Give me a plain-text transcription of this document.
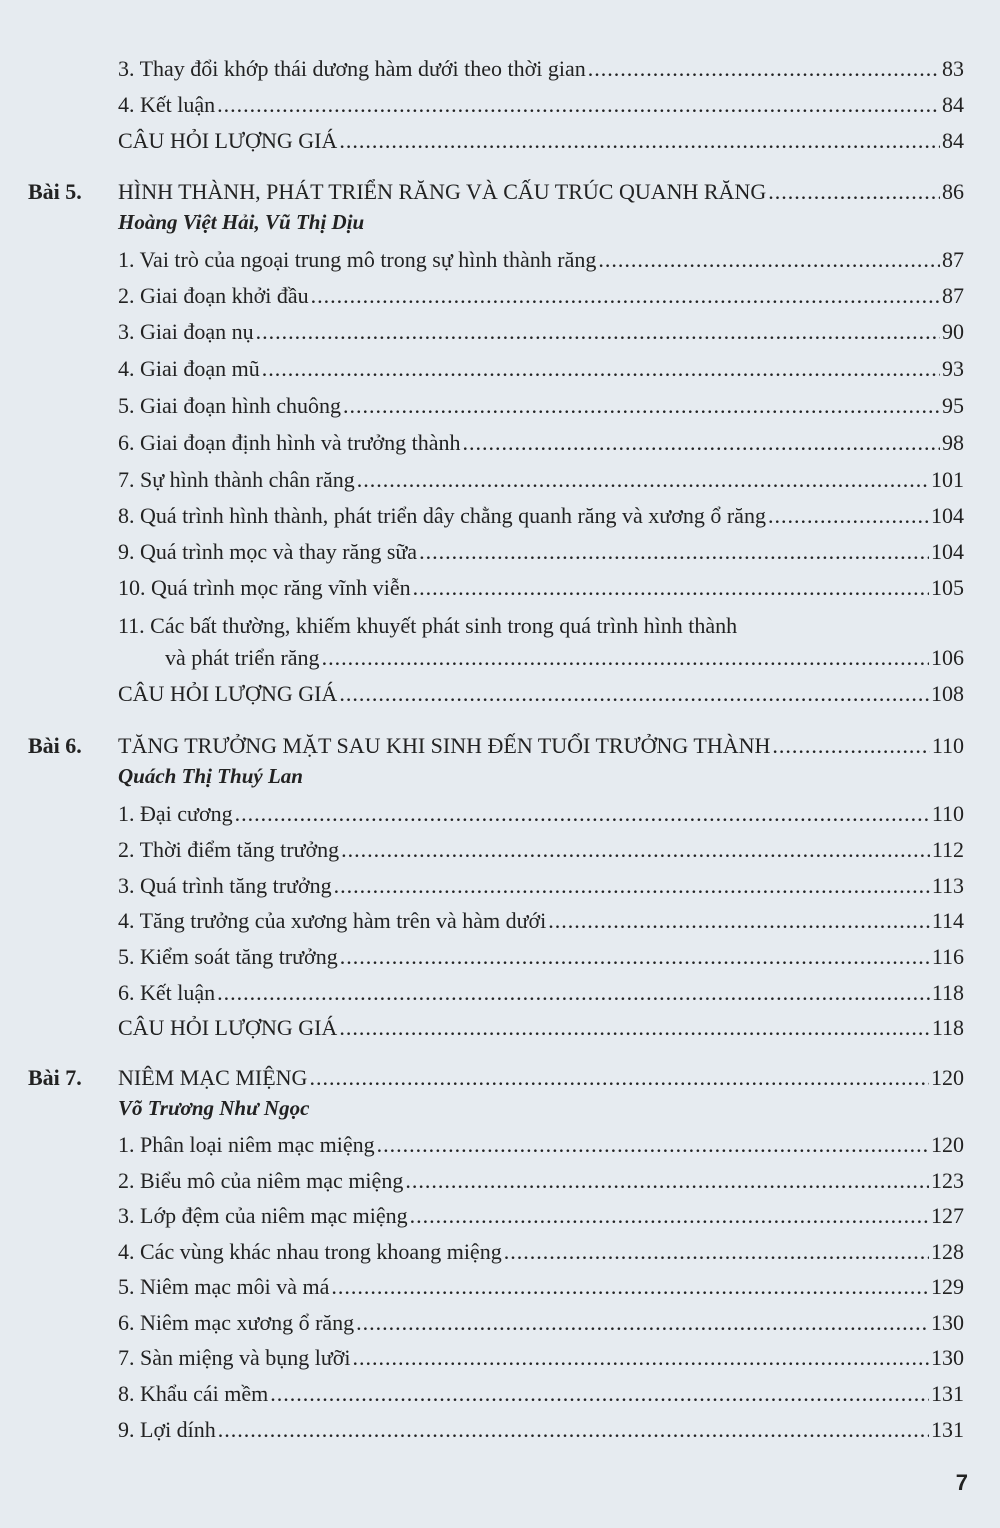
3. Thay đổi khớp thái dương hàm dưới theo thời gian .....	83
4. Kết luận .....	84
CÂU HỎI LƯỢNG GIÁ .....	84
Bài 5. HÌNH THÀNH, PHÁT TRIỂN RĂNG VÀ CẤU TRÚC QUANH RĂNG .....	86
Hoàng Việt Hải, Vũ Thị Dịu
1. Vai trò của ngoại trung mô trong sự hình thành răng .....	87
2. Giai đoạn khởi đầu .....	87
3. Giai đoạn nụ .....	90
4. Giai đoạn mũ .....	93
5. Giai đoạn hình chuông .....	95
6. Giai đoạn định hình và trưởng thành .....	98
7. Sự hình thành chân răng .....	101
8. Quá trình hình thành, phát triển dây chằng quanh răng và xương ổ răng .....	104
9. Quá trình mọc và thay răng sữa .....	104
10. Quá trình mọc răng vĩnh viễn .....	105
11. Các bất thường, khiếm khuyết phát sinh trong quá trình hình thành
và phát triển răng .....	106
CÂU HỎI LƯỢNG GIÁ .....	108
Bài 6. TĂNG TRƯỞNG MẶT SAU KHI SINH ĐẾN TUỔI TRƯỞNG THÀNH .....	110
Quách Thị Thuý Lan
1. Đại cương .....	110
2. Thời điểm tăng trưởng .....	112
3. Quá trình tăng trưởng .....	113
4. Tăng trưởng của xương hàm trên và hàm dưới .....	114
5. Kiểm soát tăng trưởng .....	116
6. Kết luận .....	118
CÂU HỎI LƯỢNG GIÁ .....	118
Bài 7. NIÊM MẠC MIỆNG .....	120
Võ Trương Như Ngọc
1. Phân loại niêm mạc miệng .....	120
2. Biểu mô của niêm mạc miệng .....	123
3. Lớp đệm của niêm mạc miệng .....	127
4. Các vùng khác nhau trong khoang miệng .....	128
5. Niêm mạc môi và má .....	129
6. Niêm mạc xương ổ răng .....	130
7. Sàn miệng và bụng lưỡi .....	130
8. Khẩu cái mềm .....	131
9. Lợi dính .....	131
7
